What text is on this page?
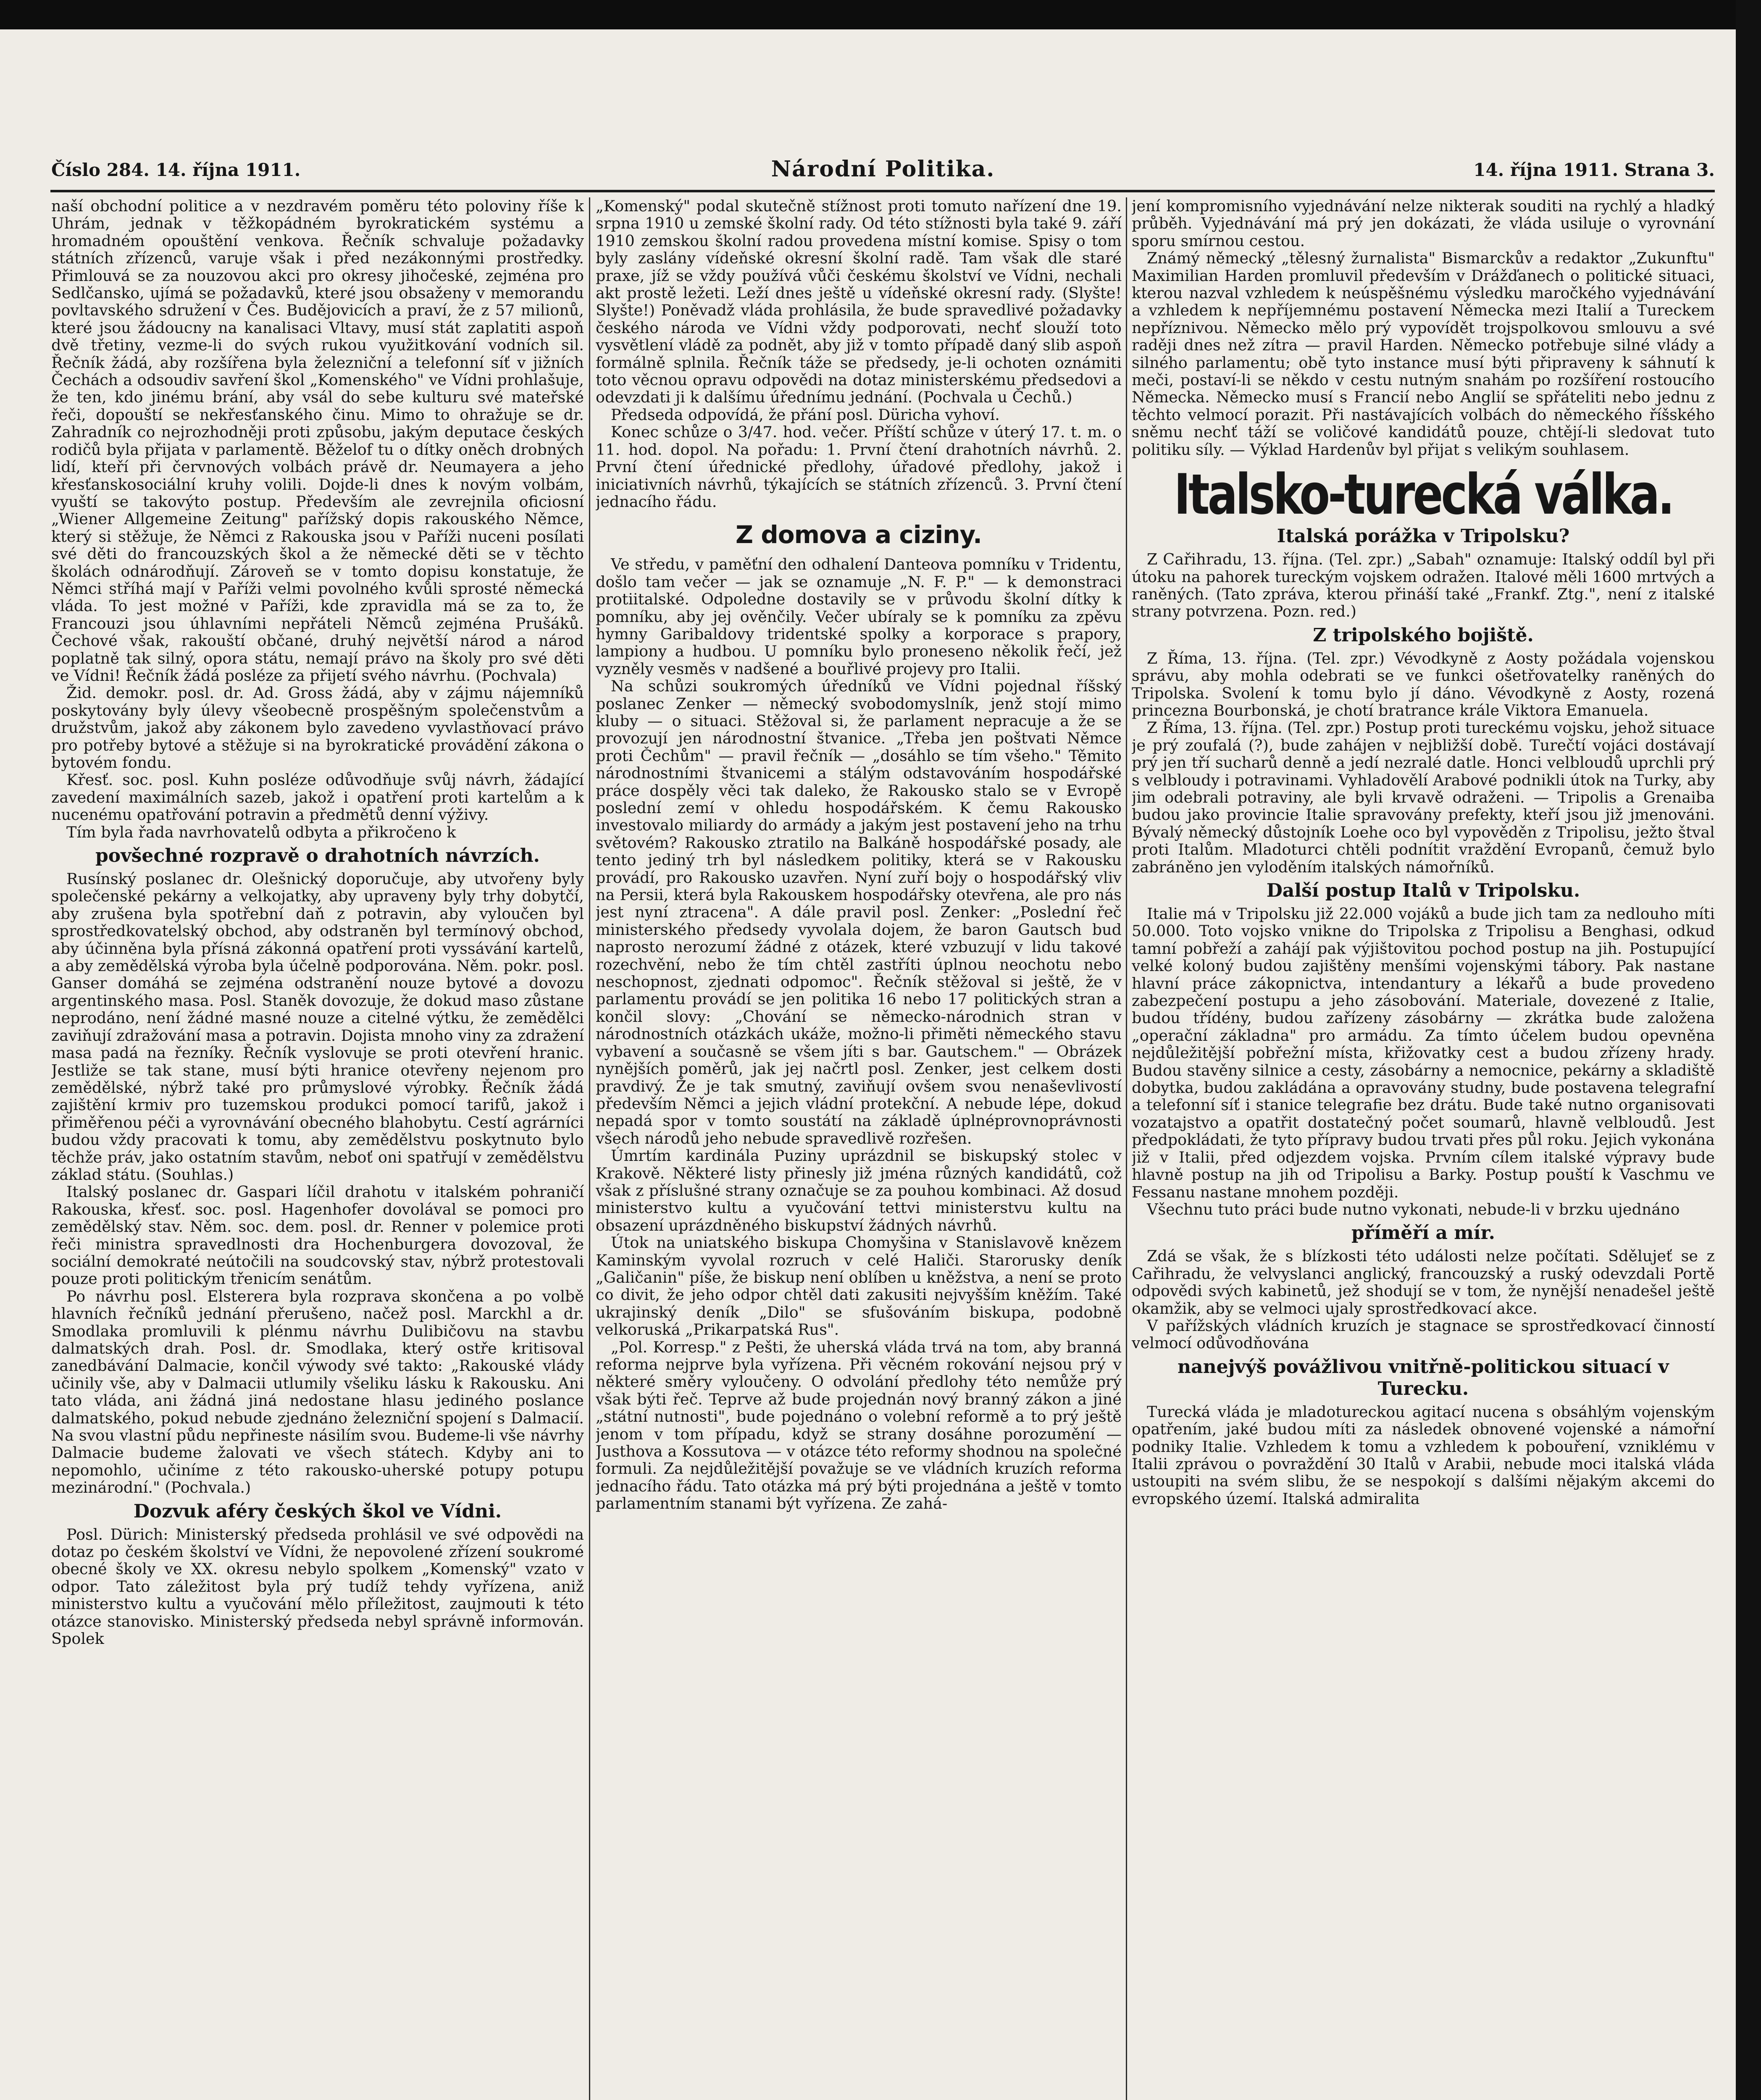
Číslo 284. 14. října 1911.	Národní Politika.	14. října 1911. Strana 3.

naší obchodní politice a v nezdravém poměru této poloviny říše k Uhrám, jednak v těžkopádném byrokratickém systému a hromadném opouštění venkova. Řečník schvaluje požadavky státních zřízenců, varuje však i před nezákonnými prostředky. Přimlouvá se za nouzovou akci pro okresy jihočeské, zejména pro Sedlčansko, ujímá se požadavků, které jsou obsaženy v memorandu povltavského sdružení v Čes. Budějovicích a praví, že z 57 milionů, které jsou žádoucny na kanalisaci Vltavy, musí stát zaplatiti aspoň dvě třetiny, vezme-li do svých rukou využitkování vodních sil. Řečník žádá, aby rozšířena byla železniční a telefonní síť v jižních Čechách a odsoudiv savření škol „Komenského" ve Vídni prohlašuje, že ten, kdo jinému brání, aby vsál do sebe kulturu své mateřské řeči, dopouští se nekřesťanského činu. Mimo to ohražuje se dr. Zahradník co nejrozhodněji proti způsobu, jakým deputace českých rodičů byla přijata v parlamentě. Běželof tu o dítky oněch drobných lidí, kteří při červnových volbách právě dr. Neumayera a jeho křesťanskosociální kruhy volili. Dojde-li dnes k novým volbám, vyuští se takovýto postup. Především ale zevrejnila oficiosní „Wiener Allgemeine Zeitung" pařížský dopis rakouského Němce, který si stěžuje, že Němci z Rakouska jsou v Paříži nuceni posílati své děti do francouzských škol a že německé děti se v těchto školách odnárodňují. Zároveň se v tomto dopisu konstatuje, že Němci stříhá mají v Paříži velmi povolného kvůli sprosté německá vláda. To jest možné v Paříži, kde zpravidla má se za to, že Francouzi jsou úhlavními nepřáteli Němců zejména Prušáků. Čechové však, rakouští občané, druhý největší národ a národ poplatně tak silný, opora státu, nemají právo na školy pro své děti ve Vídni! Řečník žádá posléze za přijetí svého návrhu. (Pochvala)

Žid. demokr. posl. dr. Ad. Gross žádá, aby v zájmu nájemníků poskytovány byly úlevy všeobecně prospěšným společenstvům a družstvům, jakož aby zákonem bylo zavedeno vyvlastňovací právo pro potřeby bytové a stěžuje si na byrokratické provádění zákona o bytovém fondu.

Křesť. soc. posl. Kuhn posléze odůvodňuje svůj návrh, žádající zavedení maximálních sazeb, jakož i opatření proti kartelům a k nucenému opatřování potravin a předmětů denní výživy.

Tím byla řada navrhovatelů odbyta a přikročeno k

povšechné rozpravě o drahotních návrzích.

Rusínský poslanec dr. Olešnický doporučuje, aby utvořeny byly společenské pekárny a velkojatky, aby upraveny byly trhy dobytčí, aby zrušena byla spotřební daň z potravin, aby vyloučen byl sprostředkovatelský obchod, aby odstraněn byl termínový obchod, aby účinněna byla přísná zákonná opatření proti vyssávání kartelů, a aby zemědělská výroba byla účelně podporována. Něm. pokr. posl. Ganser domáhá se zejména odstranění nouze bytové a dovozu argentinského masa. Posl. Staněk dovozuje, že dokud maso zůstane neprodáno, není žádné masné nouze a citelné výtku, že zemědělci zaviňují zdražování masa a potravin. Dojista mnoho viny za zdražení masa padá na řezníky. Řečník vyslovuje se proti otevření hranic. Jestliže se tak stane, musí býti hranice otevřeny nejenom pro zemědělské, nýbrž také pro průmyslové výrobky. Řečník žádá zajištění krmiv pro tuzemskou produkci pomocí tarifů, jakož i přiměřenou péči a vyrovnávání obecného blahobytu. Cestí agrárníci budou vždy pracovati k tomu, aby zemědělstvu poskytnuto bylo těchže práv, jako ostatním stavům, neboť oni spatřují v zemědělstvu základ státu. (Souhlas.)

Italský poslanec dr. Gaspari líčil drahotu v italském pohraničí Rakouska, křesť. soc. posl. Hagenhofer dovolával se pomoci pro zemědělský stav. Něm. soc. dem. posl. dr. Renner v polemice proti řeči ministra spravedlnosti dra Hochenburgera dovozoval, že sociální demokraté neútočili na soudcovský stav, nýbrž protestovali pouze proti politickým třenicím senátům.

Po návrhu posl. Elsterera byla rozprava skončena a po volbě hlavních řečníků jednání přerušeno, načež posl. Marckhl a dr. Smodlaka promluvili k plénmu návrhu Dulibičovu na stavbu dalmatských drah. Posl. dr. Smodlaka, který ostře kritisoval zanedbávání Dalmacie, končil výwody své takto: „Rakouské vlády učinily vše, aby v Dalmacii utlumily všeliku lásku k Rakousku. Ani tato vláda, ani žádná jiná nedostane hlasu jediného poslance dalmatského, pokud nebude zjednáno železniční spojení s Dalmacií. Na svou vlastní půdu nepřineste násilím svou. Budeme-li vše návrhy Dalmacie budeme žalovati ve všech státech. Kdyby ani to nepomohlo, učiníme z této rakousko-uherské potupy potupu mezinárodní." (Pochvala.)

Dozvuk aféry českých škol ve Vídni.

Posl. Dürich: Ministerský předseda prohlásil ve své odpovědi na dotaz po českém školství ve Vídni, že nepovolené zřízení soukromé obecné školy ve XX. okresu nebylo spolkem „Komenský" vzato v odpor. Tato záležitost byla prý tudíž tehdy vyřízena, aniž ministerstvo kultu a vyučování mělo příležitost, zaujmouti k této otázce stanovisko. Ministerský předseda nebyl správně informován. Spolek

„Komenský" podal skutečně stížnost proti tomuto nařízení dne 19. srpna 1910 u zemské školní rady. Od této stížnosti byla také 9. září 1910 zemskou školní radou provedena místní komise. Spisy o tom byly zaslány vídeňské okresní školní radě. Tam však dle staré praxe, jíž se vždy používá vůči českému školství ve Vídni, nechali akt prostě ležeti. Leží dnes ještě u vídeňské okresní rady. (Slyšte! Slyšte!) Poněvadž vláda prohlásila, že bude spravedlivé požadavky českého národa ve Vídni vždy podporovati, nechť slouží toto vysvětlení vládě za podnět, aby již v tomto případě daný slib aspoň formálně splnila. Řečník táže se předsedy, je-li ochoten oznámiti toto věcnou opravu odpovědi na dotaz ministerskému předsedovi a odevzdati ji k dalšímu úřednímu jednání. (Pochvala u Čechů.)

Předseda odpovídá, že přání posl. Düricha vyhoví.

Konec schůze o 3/47. hod. večer. Příští schůze v úterý 17. t. m. o 11. hod. dopol. Na pořadu: 1. První čtení drahotních návrhů. 2. První čtení úřednické předlohy, úřadové předlohy, jakož i iniciativních návrhů, týkajících se státních zřízenců. 3. První čtení jednacího řádu.

Z domova a ciziny.

Ve středu, v paměťní den odhalení Danteova pomníku v Tridentu, došlo tam večer — jak se oznamuje „N. F. P." — k demonstraci protiitalské. Odpoledne dostavily se v průvodu školní dítky k pomníku, aby jej ověnčily. Večer ubíraly se k pomníku za zpěvu hymny Garibaldovy tridentské spolky a korporace s prapory, lampiony a hudbou. U pomníku bylo proneseno několik řečí, jež vyzněly vesměs v nadšené a bouřlivé projevy pro Italii.

Na schůzi soukromých úředníků ve Vídni pojednal říšský poslanec Zenker — německý svobodomyslník, jenž stojí mimo kluby — o situaci. Stěžoval si, že parlament nepracuje a že se provozují jen národnostní štvanice. „Třeba jen poštvati Němce proti Čechům" — pravil řečník — „dosáhlo se tím všeho." Těmito národnostními štvanicemi a stálým odstavováním hospodářské práce dospěly věci tak daleko, že Rakousko stalo se v Evropě poslední zemí v ohledu hospodářském. K čemu Rakousko investovalo miliardy do armády a jakým jest postavení jeho na trhu světovém? Rakousko ztratilo na Balkáně hospodářské posady, ale tento jediný trh byl následkem politiky, která se v Rakousku provádí, pro Rakousko uzavřen. Nyní zuří bojy o hospodářský vliv na Persii, která byla Rakouskem hospodářsky otevřena, ale pro nás jest nyní ztracena". A dále pravil posl. Zenker: „Poslední řeč ministerského předsedy vyvolala dojem, že baron Gautsch bud naprosto nerozumí žádné z otázek, které vzbuzují v lidu takové rozechvění, nebo že tím chtěl zastříti úplnou neochotu nebo neschopnost, zjednati odpomoc". Řečník stěžoval si ještě, že v parlamentu provádí se jen politika 16 nebo 17 politických stran a končil slovy: „Chování se německo-národnich stran v národnostních otázkách ukáže, možno-li přiměti německého stavu vybavení a současně se všem jíti s bar. Gautschem." — Obrázek nynějších poměrů, jak jej načrtl posl. Zenker, jest celkem dosti pravdivý. Že je tak smutný, zaviňují ovšem svou nenaševlivostí především Němci a jejich vládní protekční. A nebude lépe, dokud nepadá spor v tomto soustátí na základě úplnéprovnoprávnosti všech národů jeho nebude spravedlivě rozřešen.

Úmrtím kardinála Puziny uprázdnil se biskupský stolec v Krakově. Některé listy přinesly již jména různých kandidátů, což však z příslušné strany označuje se za pouhou kombinaci. Až dosud ministerstvo kultu a vyučování tettvi ministerstvu kultu na obsazení uprázdněného biskupství žádných návrhů.

Útok na uniatského biskupa Chomyšina v Stanislavově knězem Kaminským vyvolal rozruch v celé Haliči. Starorusky deník „Galičanin" píše, že biskup není oblíben u kněžstva, a není se proto co divit, že jeho odpor chtěl dati zakusiti nejvyšším kněžím. Také ukrajinský deník „Dilo" se sfušováním biskupa, podobně velkoruská „Prikarpatská Rus".

„Pol. Korresp." z Pešti, že uherská vláda trvá na tom, aby branná reforma nejprve byla vyřízena. Při věcném rokování nejsou prý v některé směry vyloučeny. O odvolání předlohy této nemůže prý však býti řeč. Teprve až bude projednán nový branný zákon a jiné „státní nutnosti", bude pojednáno o volební reformě a to prý ještě jenom v tom případu, když se strany dosáhne porozumění — Justhova a Kossutova — v otázce této reformy shodnou na společné formuli. Za nejdůležitější považuje se ve vládních kruzích reforma jednacího řádu. Tato otázka má prý býti projednána a ještě v tomto parlamentním stanami být vyřízena. Ze zahá-

jení kompromisního vyjednávání nelze nikterak souditi na rychlý a hladký průběh. Vyjednávání má prý jen dokázati, že vláda usiluje o vyrovnání sporu smírnou cestou.

Známý německý „tělesný žurnalista" Bismarckův a redaktor „Zukunftu" Maximilian Harden promluvil především v Drážďanech o politické situaci, kterou nazval vzhledem k neúspěšnému výsledku maročkého vyjednávání a vzhledem k nepříjemnému postavení Německa mezi Italií a Tureckem nepříznivou. Německo mělo prý vypovídět trojspolkovou smlouvu a své raději dnes než zítra — pravil Harden. Německo potřebuje silné vlády a silného parlamentu; obě tyto instance musí býti připraveny k sáhnutí k meči, postaví-li se někdo v cestu nutným snahám po rozšíření rostoucího Německa. Německo musí s Francií nebo Anglií se spřáteliti nebo jednu z těchto velmocí porazit. Při nastávajících volbách do německého říšského sněmu nechť táží se voličové kandidátů pouze, chtějí-li sledovat tuto politiku síly. — Výklad Hardenův byl přijat s velikým souhlasem.

Italsko-turecká válka.
Italská porážka v Tripolsku?

Z Cařihradu, 13. října. (Tel. zpr.) „Sabah" oznamuje: Italský oddíl byl při útoku na pahorek tureckým vojskem odražen. Italové měli 1600 mrtvých a raněných. (Tato zpráva, kterou přináší také „Frankf. Ztg.", není z italské strany potvrzena. Pozn. red.)

Z tripolského bojiště.

Z Říma, 13. října. (Tel. zpr.) Vévodkyně z Aosty požádala vojenskou správu, aby mohla odebrati se ve funkci ošetřovatelky raněných do Tripolska. Svolení k tomu bylo jí dáno. Vévodkyně z Aosty, rozená princezna Bourbonská, je chotí bratrance krále Viktora Emanuela.

Z Říma, 13. října. (Tel. zpr.) Postup proti tureckému vojsku, jehož situace je prý zoufalá (?), bude zahájen v nejbližší době. Turečtí vojáci dostávají prý jen tří sucharů denně a jedí nezralé datle. Honci velbloudů uprchli prý s velbloudy i potravinami. Vyhladovělí Arabové podnikli útok na Turky, aby jim odebrali potraviny, ale byli krvavě odraženi. — Tripolis a Grenaiba budou jako provincie Italie spravovány prefekty, kteří jsou již jmenováni. Bývalý německý důstojník Loehe oco byl vypověděn z Tripolisu, ježto štval proti Italům. Mladoturci chtěli podnítit vraždění Evropanů, čemuž bylo zabráněno jen vyloděním italských námořníků.

Další postup Italů v Tripolsku.

Italie má v Tripolsku již 22.000 vojáků a bude jich tam za nedlouho míti 50.000. Toto vojsko vnikne do Tripolska z Tripolisu a Benghasi, odkud tamní pobřeží a zahájí pak výjištovitou pochod postup na jih. Postupující velké koloný budou zajištěny menšími vojenskými tábory. Pak nastane hlavní práce zákopnictva, intendantury a lékařů a bude provedeno zabezpečení postupu a jeho zásobování. Materiale, dovezené z Italie, budou třídény, budou zařízeny zásobárny — zkrátka bude založena „operační základna" pro armádu. Za tímto účelem budou opevněna nejdůležitější pobřežní místa, křižovatky cest a budou zřízeny hrady. Budou stavěny silnice a cesty, zásobárny a nemocnice, pekárny a skladiště dobytka, budou zakládána a opravovány studny, bude postavena telegrafní a telefonní síť i stanice telegrafie bez drátu. Bude také nutno organisovati vozatajstvo a opatřit dostatečný počet soumarů, hlavně velbloudů. Jest předpokládati, že tyto přípravy budou trvati přes půl roku. Jejich vykonána již v Italii, před odjezdem vojska. Prvním cílem italské výpravy bude hlavně postup na jih od Tripolisu a Barky. Postup pouští k Vaschmu ve Fessanu nastane mnohem později.

Všechnu tuto práci bude nutno vykonati, nebude-li v brzku ujednáno

příměří a mír.

Zdá se však, že s blízkosti této události nelze počítati. Sdělujeť se z Cařihradu, že velvyslanci anglický, francouzský a ruský odevzdali Portě odpovědi svých kabinetů, jež shodují se v tom, že nynější nenadešel ještě okamžik, aby se velmoci ujaly sprostředkovací akce.

V pařížských vládních kruzích je stagnace se sprostředkovací činností velmocí odůvodňována

nanejvýš povážlivou vnitřně-politickou situací v Turecku.

Turecká vláda je mladotureckou agitací nucena s obsáhlým vojenským opatřením, jaké budou míti za následek obnovené vojenské a námořní podniky Italie. Vzhledem k tomu a vzhledem k pobouření, vzniklému v Italii zprávou o povraždění 30 Italů v Arabii, nebude moci italská vláda ustoupiti na svém slibu, že se nespokojí s dalšími nějakým akcemi do evropského území. Italská admiralita
